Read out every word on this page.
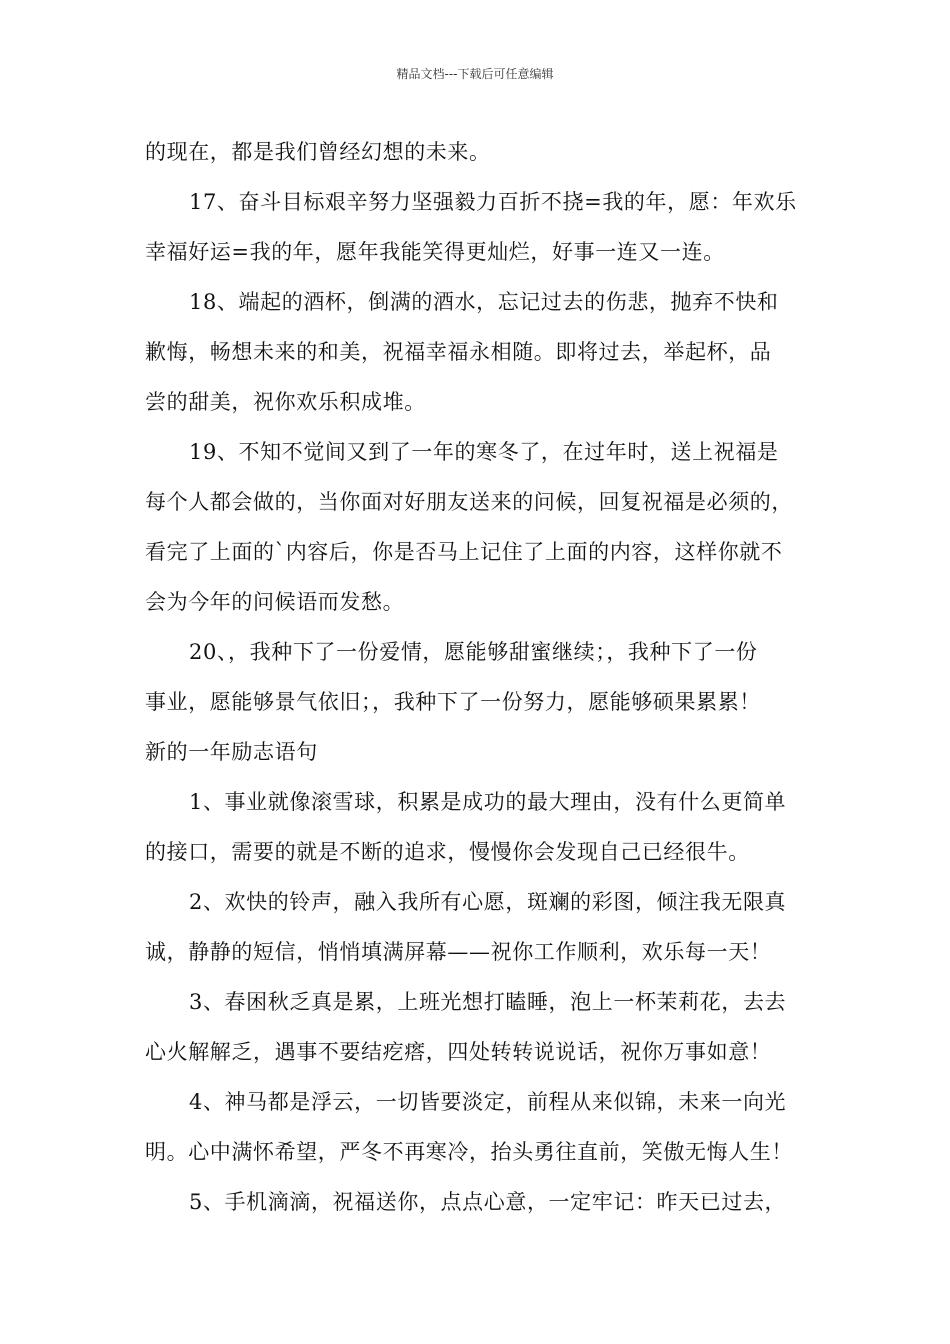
精品文档---下载后可任意编辑
的现在，都是我们曾经幻想的未来。
17、奋斗目标艰辛努力坚强毅力百折不挠=我的年，愿：年欢乐
幸福好运=我的年，愿年我能笑得更灿烂，好事一连又一连。
18、端起的酒杯，倒满的酒水，忘记过去的伤悲，抛弃不快和
歉悔，畅想未来的和美，祝福幸福永相随。即将过去，举起杯，品
尝的甜美，祝你欢乐积成堆。
19、不知不觉间又到了一年的寒冬了，在过年时，送上祝福是
每个人都会做的，当你面对好朋友送来的问候，回复祝福是必须的，
看完了上面的`内容后，你是否马上记住了上面的内容，这样你就不
会为今年的问候语而发愁。
20、，我种下了一份爱情，愿能够甜蜜继续；，我种下了一份
事业，愿能够景气依旧；，我种下了一份努力，愿能够硕果累累！
新的一年励志语句
1、事业就像滚雪球，积累是成功的最大理由，没有什么更简单
的接口，需要的就是不断的追求，慢慢你会发现自己已经很牛。
2、欢快的铃声，融入我所有心愿，斑斓的彩图，倾注我无限真
诚，静静的短信，悄悄填满屏幕——祝你工作顺利，欢乐每一天！
3、春困秋乏真是累，上班光想打瞌睡，泡上一杯茉莉花，去去
心火解解乏，遇事不要结疙瘩，四处转转说说话，祝你万事如意！
4、神马都是浮云，一切皆要淡定，前程从来似锦，未来一向光
明。心中满怀希望，严冬不再寒冷，抬头勇往直前，笑傲无悔人生！
5、手机滴滴，祝福送你，点点心意，一定牢记：昨天已过去，
